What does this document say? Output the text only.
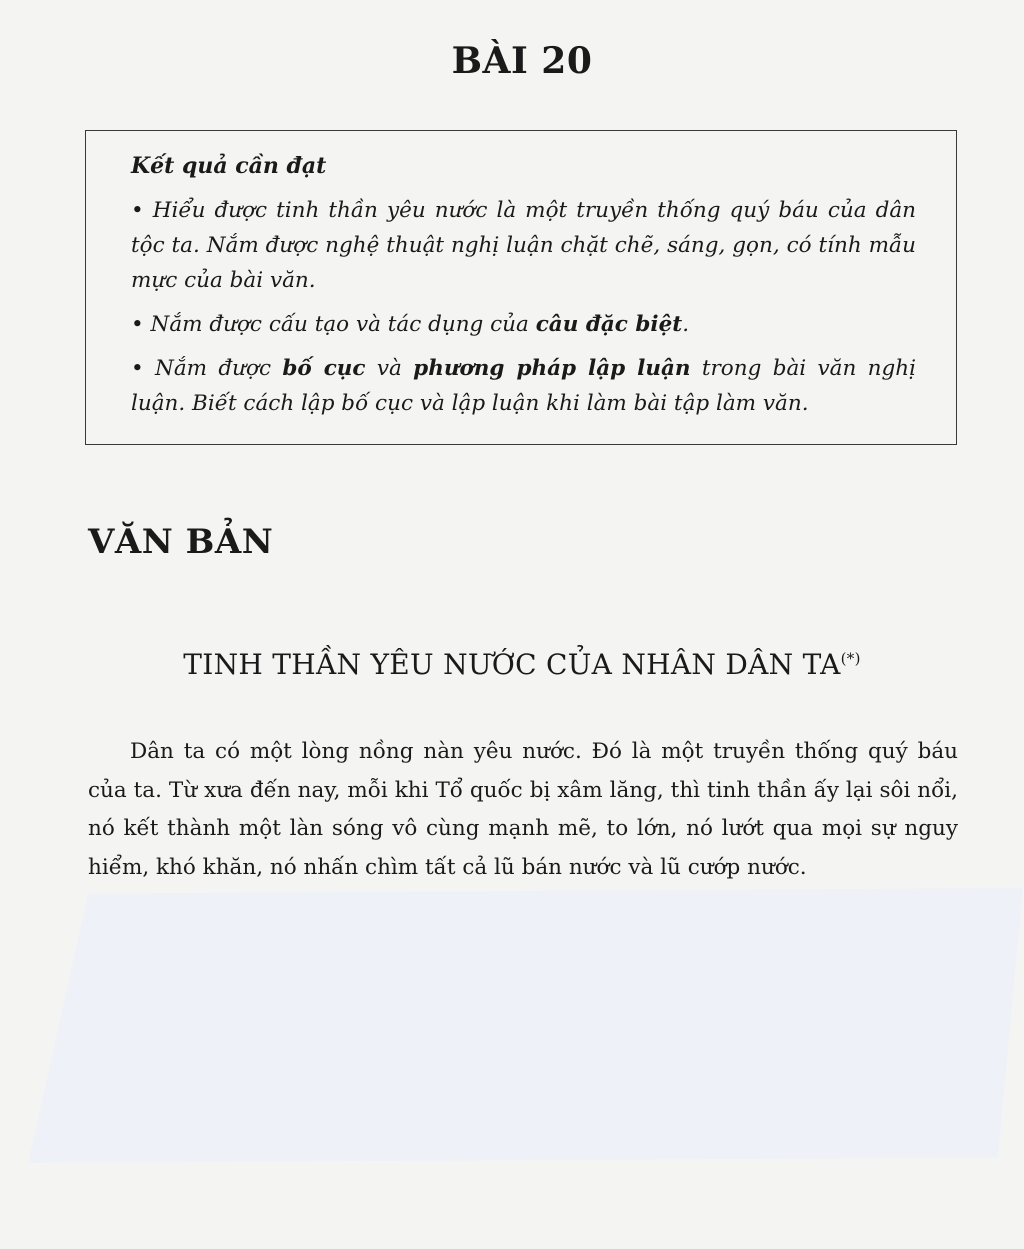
BÀI 20

Kết quả cần đạt

• Hiểu được tinh thần yêu nước là một truyền thống quý báu của dân tộc ta. Nắm được nghệ thuật nghị luận chặt chẽ, sáng, gọn, có tính mẫu mực của bài văn.

• Nắm được cấu tạo và tác dụng của câu đặc biệt.

• Nắm được bố cục và phương pháp lập luận trong bài văn nghị luận. Biết cách lập bố cục và lập luận khi làm bài tập làm văn.

VĂN BẢN
TINH THẦN YÊU NƯỚC CỦA NHÂN DÂN TA(*)

Dân ta có một lòng nồng nàn yêu nước. Đó là một truyền thống quý báu của ta. Từ xưa đến nay, mỗi khi Tổ quốc bị xâm lăng, thì tinh thần ấy lại sôi nổi, nó kết thành một làn sóng vô cùng mạnh mẽ, to lớn, nó lướt qua mọi sự nguy hiểm, khó khăn, nó nhấn chìm tất cả lũ bán nước và lũ cướp nước.
